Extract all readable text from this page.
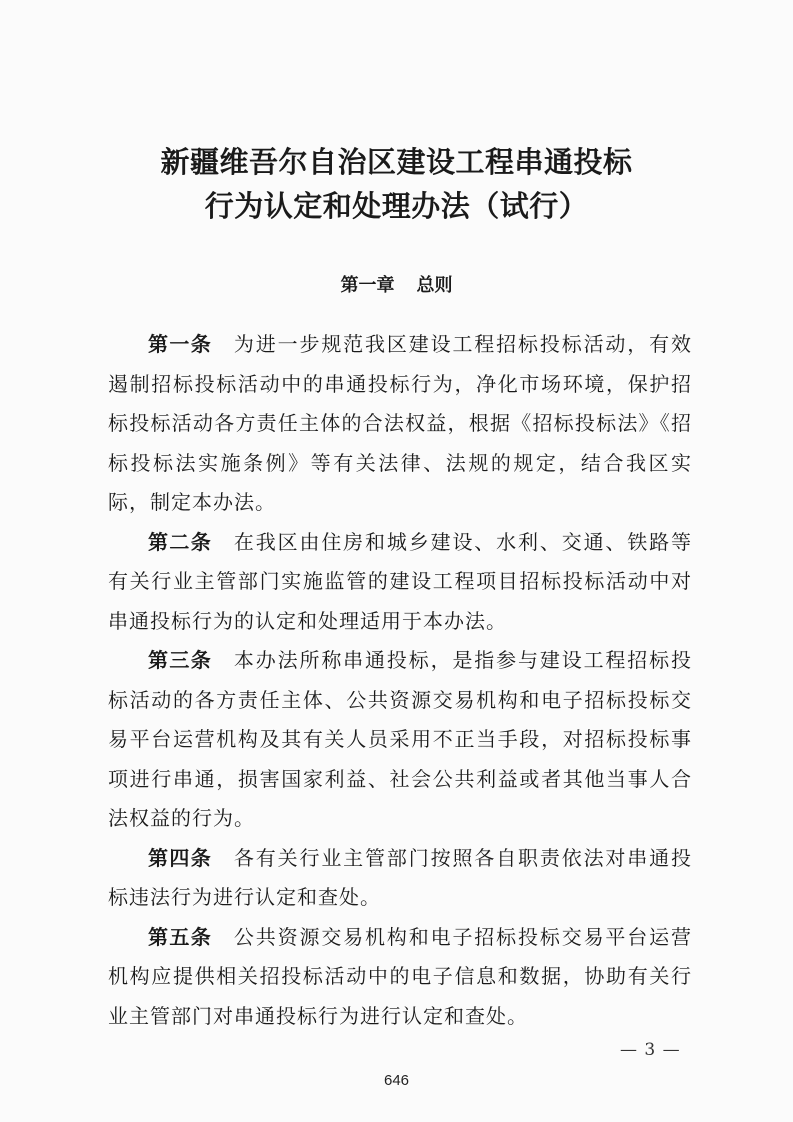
新疆维吾尔自治区建设工程串通投标
行为认定和处理办法（试行）
第一章 总则

第一条  为进一步规范我区建设工程招标投标活动，有效遏制招标投标活动中的串通投标行为，净化市场环境，保护招标投标活动各方责任主体的合法权益，根据《招标投标法》《招标投标法实施条例》等有关法律、法规的规定，结合我区实际，制定本办法。

第二条  在我区由住房和城乡建设、水利、交通、铁路等有关行业主管部门实施监管的建设工程项目招标投标活动中对串通投标行为的认定和处理适用于本办法。

第三条  本办法所称串通投标，是指参与建设工程招标投标活动的各方责任主体、公共资源交易机构和电子招标投标交易平台运营机构及其有关人员采用不正当手段，对招标投标事项进行串通，损害国家利益、社会公共利益或者其他当事人合法权益的行为。

第四条  各有关行业主管部门按照各自职责依法对串通投标违法行为进行认定和查处。

第五条  公共资源交易机构和电子招标投标交易平台运营机构应提供相关招投标活动中的电子信息和数据，协助有关行业主管部门对串通投标行为进行认定和查处。

— 3 —
646
